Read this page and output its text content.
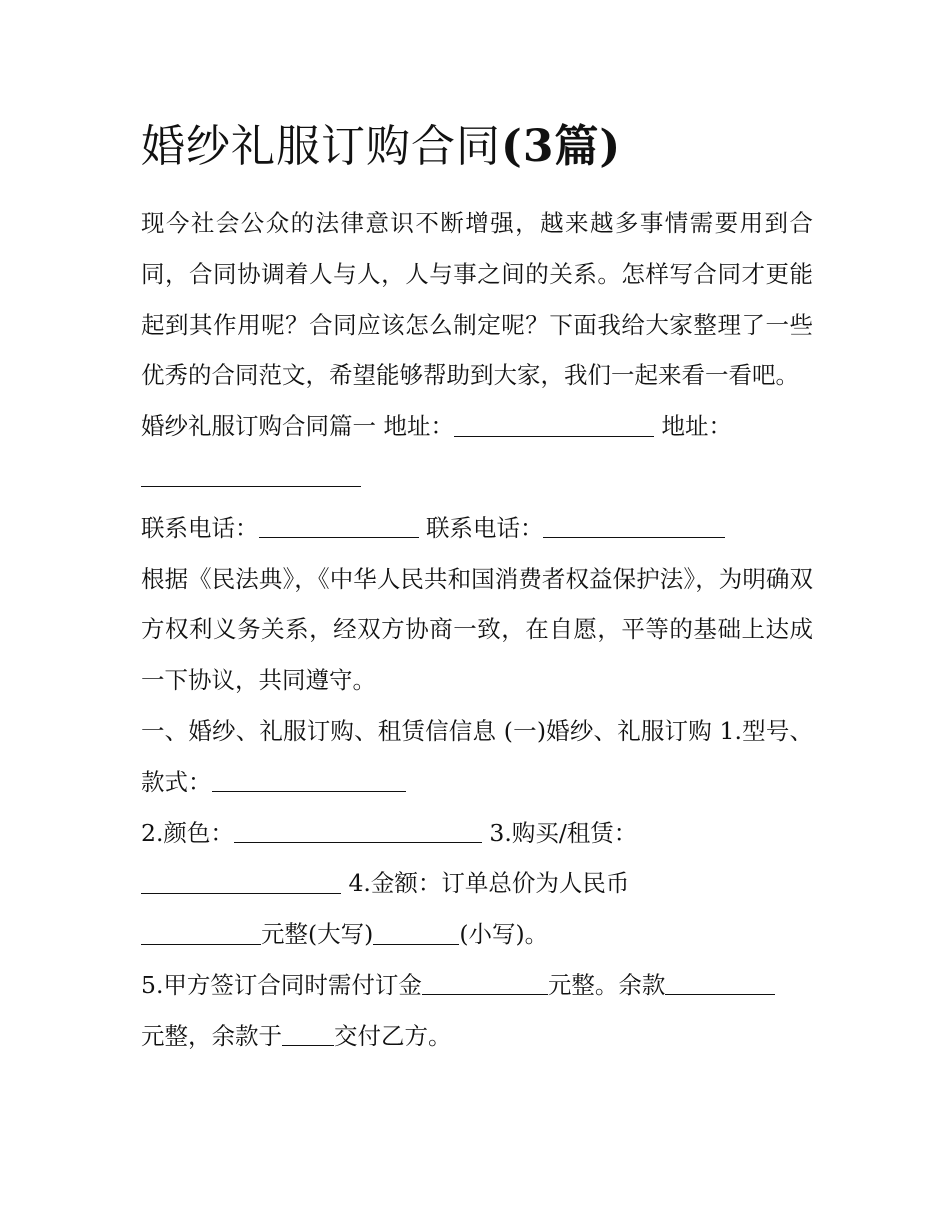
婚纱礼服订购合同(3篇)

现今社会公众的法律意识不断增强，越来越多事情需要用到合同，合同协调着人与人，人与事之间的关系。怎样写合同才更能起到其作用呢？合同应该怎么制定呢？下面我给大家整理了一些优秀的合同范文，希望能够帮助到大家，我们一起来看一看吧。

婚纱礼服订购合同篇一 地址：	地址：

联系电话：	联系电话：

根据《民法典》，《中华人民共和国消费者权益保护法》，为明确双方权利义务关系，经双方协商一致，在自愿，平等的基础上达成一下协议，共同遵守。

一、婚纱、礼服订购、租赁信信息 (一)婚纱、礼服订购 1.型号、款式：

2.颜色：	3.购买/租赁：
4.金额：订单总价为人民币
元整(大写)	(小写)。

5.甲方签订合同时需付订金	元整。余款
元整，余款于 交付乙方。
